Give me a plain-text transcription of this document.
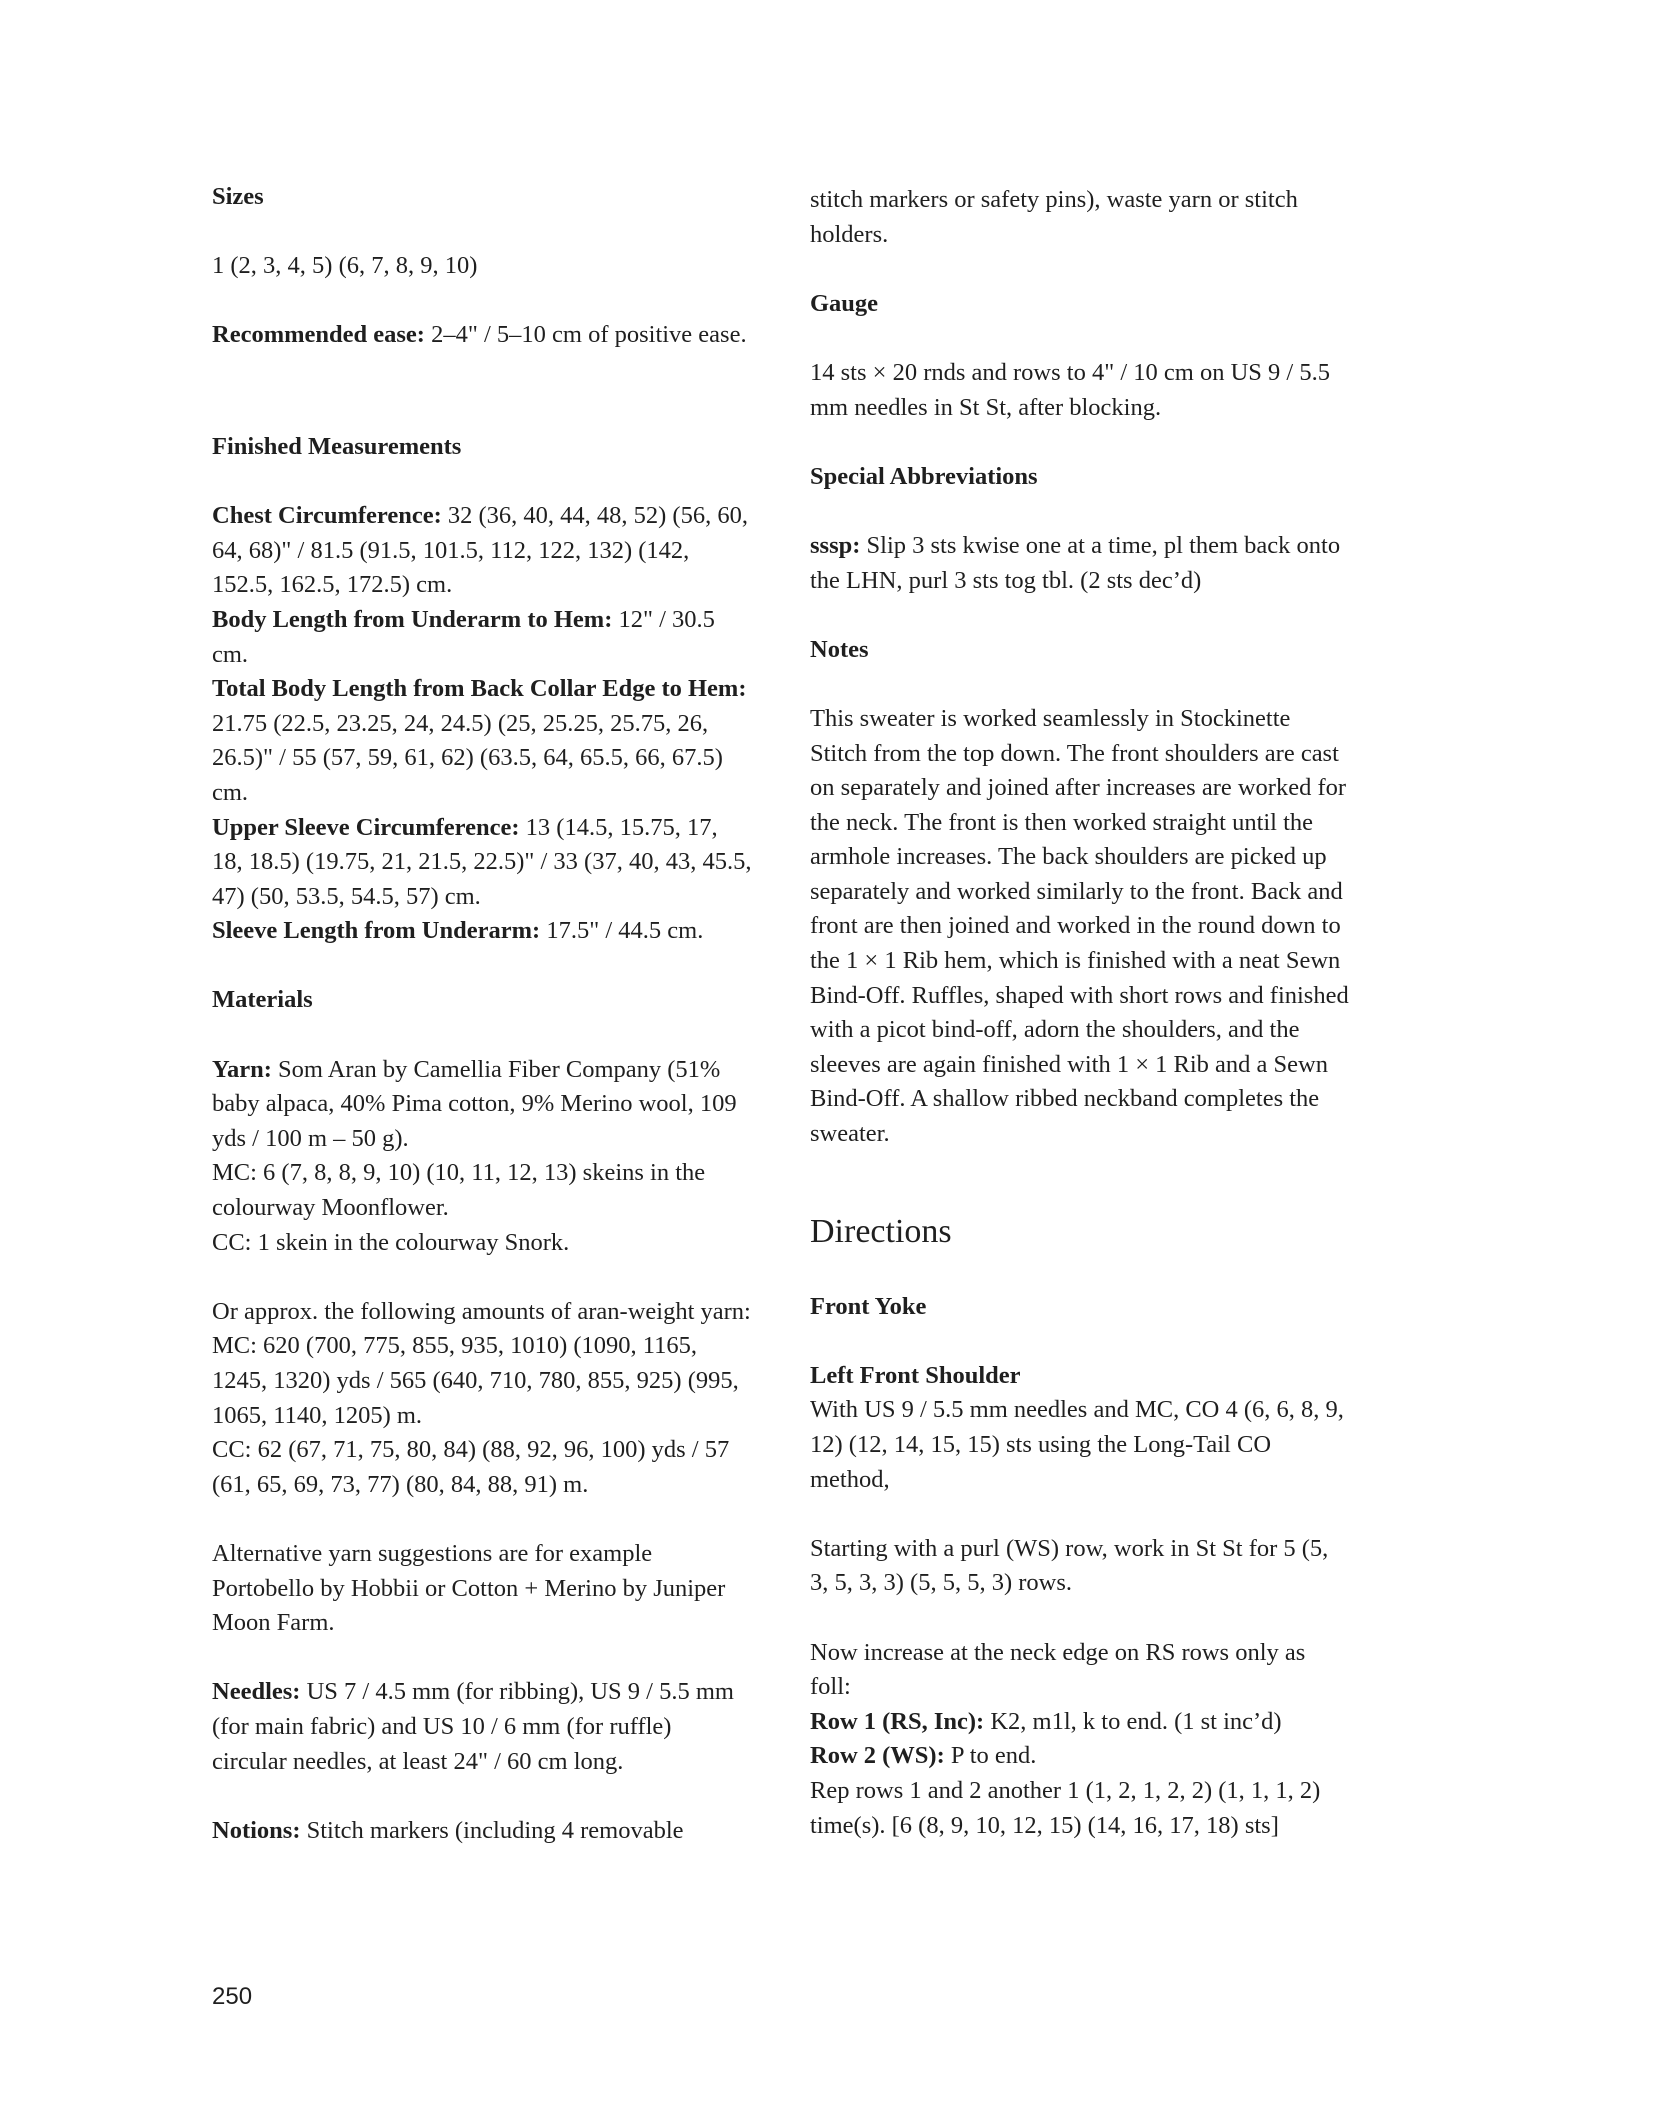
Sizes

1 (2, 3, 4, 5) (6, 7, 8, 9, 10)

Recommended ease: 2–4" / 5–10 cm of positive ease.

Finished Measurements

Chest Circumference: 32 (36, 40, 44, 48, 52) (56, 60, 64, 68)" / 81.5 (91.5, 101.5, 112, 122, 132) (142, 152.5, 162.5, 172.5) cm.

Body Length from Underarm to Hem: 12" / 30.5 cm.

Total Body Length from Back Collar Edge to Hem: 21.75 (22.5, 23.25, 24, 24.5) (25, 25.25, 25.75, 26, 26.5)" / 55 (57, 59, 61, 62) (63.5, 64, 65.5, 66, 67.5) cm.

Upper Sleeve Circumference: 13 (14.5, 15.75, 17, 18, 18.5) (19.75, 21, 21.5, 22.5)" / 33 (37, 40, 43, 45.5, 47) (50, 53.5, 54.5, 57) cm.

Sleeve Length from Underarm: 17.5" / 44.5 cm.

Materials

Yarn: Som Aran by Camellia Fiber Company (51% baby alpaca, 40% Pima cotton, 9% Merino wool, 109 yds / 100 m – 50 g).

MC: 6 (7, 8, 8, 9, 10) (10, 11, 12, 13) skeins in the colourway Moonflower.

CC: 1 skein in the colourway Snork.

Or approx. the following amounts of aran-weight yarn:

MC: 620 (700, 775, 855, 935, 1010) (1090, 1165, 1245, 1320) yds / 565 (640, 710, 780, 855, 925) (995, 1065, 1140, 1205) m.

CC: 62 (67, 71, 75, 80, 84) (88, 92, 96, 100) yds / 57 (61, 65, 69, 73, 77) (80, 84, 88, 91) m.

Alternative yarn suggestions are for example Portobello by Hobbii or Cotton + Merino by Juniper Moon Farm.

Needles: US 7 / 4.5 mm (for ribbing), US 9 / 5.5 mm (for main fabric) and US 10 / 6 mm (for ruffle) circular needles, at least 24" / 60 cm long.

Notions: Stitch markers (including 4 removable

stitch markers or safety pins), waste yarn or stitch holders.

Gauge

14 sts × 20 rnds and rows to 4" / 10 cm on US 9 / 5.5 mm needles in St St, after blocking.

Special Abbreviations

sssp: Slip 3 sts kwise one at a time, pl them back onto the LHN, purl 3 sts tog tbl. (2 sts dec’d)

Notes

This sweater is worked seamlessly in Stockinette Stitch from the top down. The front shoulders are cast on separately and joined after increases are worked for the neck. The front is then worked straight until the armhole increases. The back shoulders are picked up separately and worked similarly to the front. Back and front are then joined and worked in the round down to the 1 × 1 Rib hem, which is finished with a neat Sewn Bind-Off. Ruffles, shaped with short rows and finished with a picot bind-off, adorn the shoulders, and the sleeves are again finished with 1 × 1 Rib and a Sewn Bind-Off. A shallow ribbed neckband completes the sweater.

Directions

Front Yoke

Left Front Shoulder

With US 9 / 5.5 mm needles and MC, CO 4 (6, 6, 8, 9, 12) (12, 14, 15, 15) sts using the Long-Tail CO method,

Starting with a purl (WS) row, work in St St for 5 (5, 3, 5, 3, 3) (5, 5, 5, 3) rows.

Now increase at the neck edge on RS rows only as foll:

Row 1 (RS, Inc): K2, m1l, k to end. (1 st inc’d)

Row 2 (WS): P to end.

Rep rows 1 and 2 another 1 (1, 2, 1, 2, 2) (1, 1, 1, 2) time(s). [6 (8, 9, 10, 12, 15) (14, 16, 17, 18) sts]

250
